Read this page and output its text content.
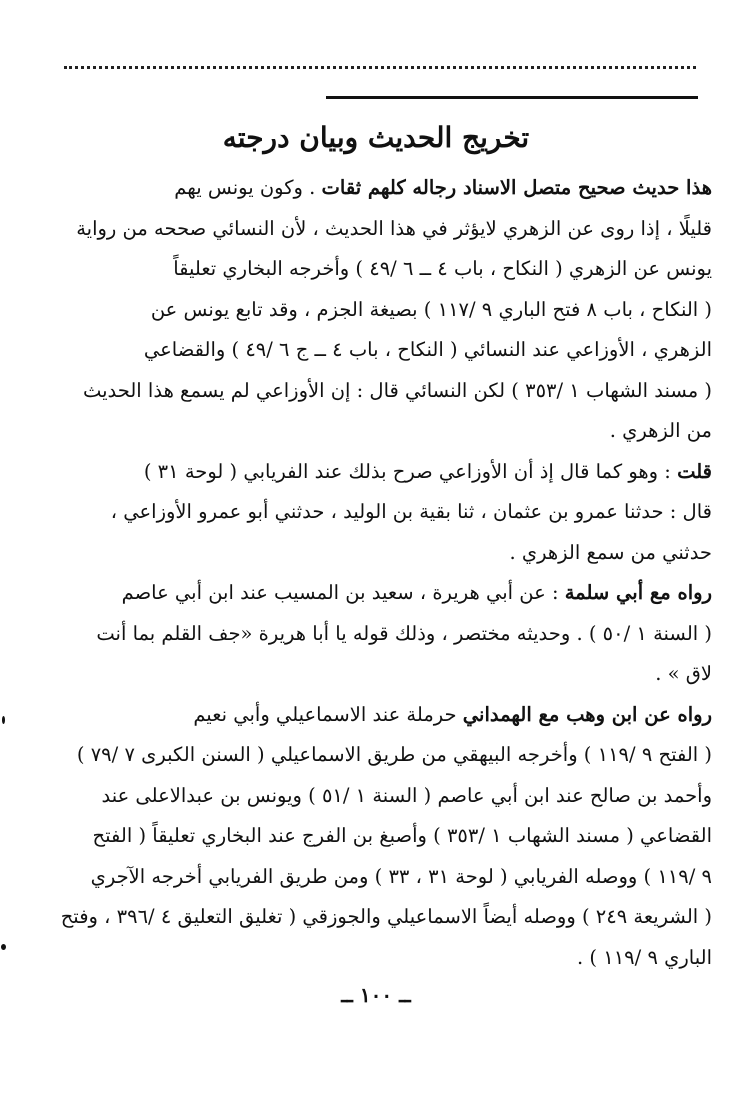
تخريج الحديث وبيان درجته
هذا حديث صحيح متصل الاسناد رجاله كلهم ثقات . وكون يونس يهم
قليلًا ، إذا روى عن الزهري لايؤثر في هذا الحديث ، لأن النسائي صححه من رواية
يونس عن الزهري ( النكاح ، باب ٤ ــ ٦ /٤٩ ) وأخرجه البخاري تعليقاً
( النكاح ، باب ٨ فتح الباري ٩ /١١٧ ) بصيغة الجزم ، وقد تابع يونس عن
الزهري ، الأوزاعي عند النسائي ( النكاح ، باب ٤ ــ ج ٦ /٤٩ ) والقضاعي
( مسند الشهاب ١ /٣٥٣ ) لكن النسائي قال : إن الأوزاعي لم يسمع هذا الحديث
من الزهري .
قلت : وهو كما قال إذ أن الأوزاعي صرح بذلك عند الفريابي ( لوحة ٣١ )
قال : حدثنا عمرو بن عثمان ، ثنا بقية بن الوليد ، حدثني أبو عمرو الأوزاعي ،
حدثني من سمع الزهري .
رواه مع أبي سلمة : عن أبي هريرة ، سعيد بن المسيب عند ابن أبي عاصم
( السنة ١ /٥٠ ) . وحديثه مختصر ، وذلك قوله يا أبا هريرة «جف القلم بما أنت
لاق » .
رواه عن ابن وهب مع الهمداني حرملة عند الاسماعيلي وأبي نعيم
( الفتح ٩ /١١٩ ) وأخرجه البيهقي من طريق الاسماعيلي ( السنن الكبرى ٧ /٧٩ )
وأحمد بن صالح عند ابن أبي عاصم ( السنة ١ /٥١ ) ويونس بن عبدالاعلى عند
القضاعي ( مسند الشهاب ١ /٣٥٣ ) وأصبغ بن الفرج عند البخاري تعليقاً ( الفتح
٩ /١١٩ ) ووصله الفريابي ( لوحة ٣١ ، ٣٣ ) ومن طريق الفريابي أخرجه الآجري
( الشريعة ٢٤٩ ) ووصله أيضاً الاسماعيلي والجوزقي ( تغليق التعليق ٤ /٣٩٦ ، وفتح
الباري ٩ /١١٩ ) .
ــ ١٠٠ ــ
